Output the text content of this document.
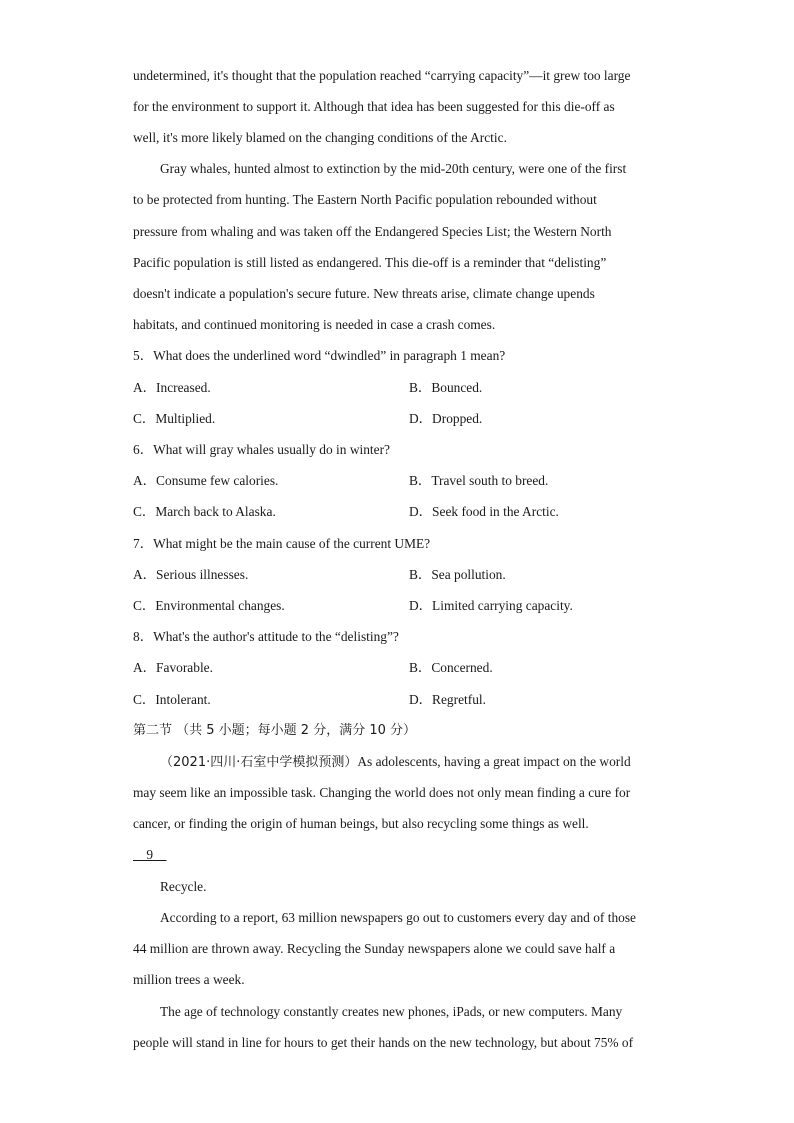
undetermined, it's thought that the population reached “carrying capacity”—it grew too large
for the environment to support it. Although that idea has been suggested for this die-off as
well, it's more likely blamed on the changing conditions of the Arctic.
Gray whales, hunted almost to extinction by the mid-20th century, were one of the first
to be protected from hunting. The Eastern North Pacific population rebounded without
pressure from whaling and was taken off the Endangered Species List; the Western North
Pacific population is still listed as endangered. This die-off is a reminder that “delisting”
doesn't indicate a population's secure future. New threats arise, climate change upends
habitats, and continued monitoring is needed in case a crash comes.
5．What does the underlined word “dwindled” in paragraph 1 mean?
A．Increased.	B．Bounced.
C．Multiplied.	D．Dropped.
6．What will gray whales usually do in winter?
A．Consume few calories.	B．Travel south to breed.
C．March back to Alaska.	D．Seek food in the Arctic.
7．What might be the main cause of the current UME?
A．Serious illnesses.	B．Sea pollution.
C．Environmental changes.	D．Limited carrying capacity.
8．What's the author's attitude to the “delisting”?
A．Favorable.	B．Concerned.
C．Intolerant.	D．Regretful.
第二节 （共 5 小题；每小题 2 分，满分 10 分）
（2021·四川·石室中学模拟预测）As adolescents, having a great impact on the world
may seem like an impossible task. Changing the world does not only mean finding a cure for
cancer, or finding the origin of human beings, but also recycling some things as well.
9
Recycle.
According to a report, 63 million newspapers go out to customers every day and of those
44 million are thrown away. Recycling the Sunday newspapers alone we could save half a
million trees a week.
The age of technology constantly creates new phones, iPads, or new computers. Many
people will stand in line for hours to get their hands on the new technology, but about 75% of
